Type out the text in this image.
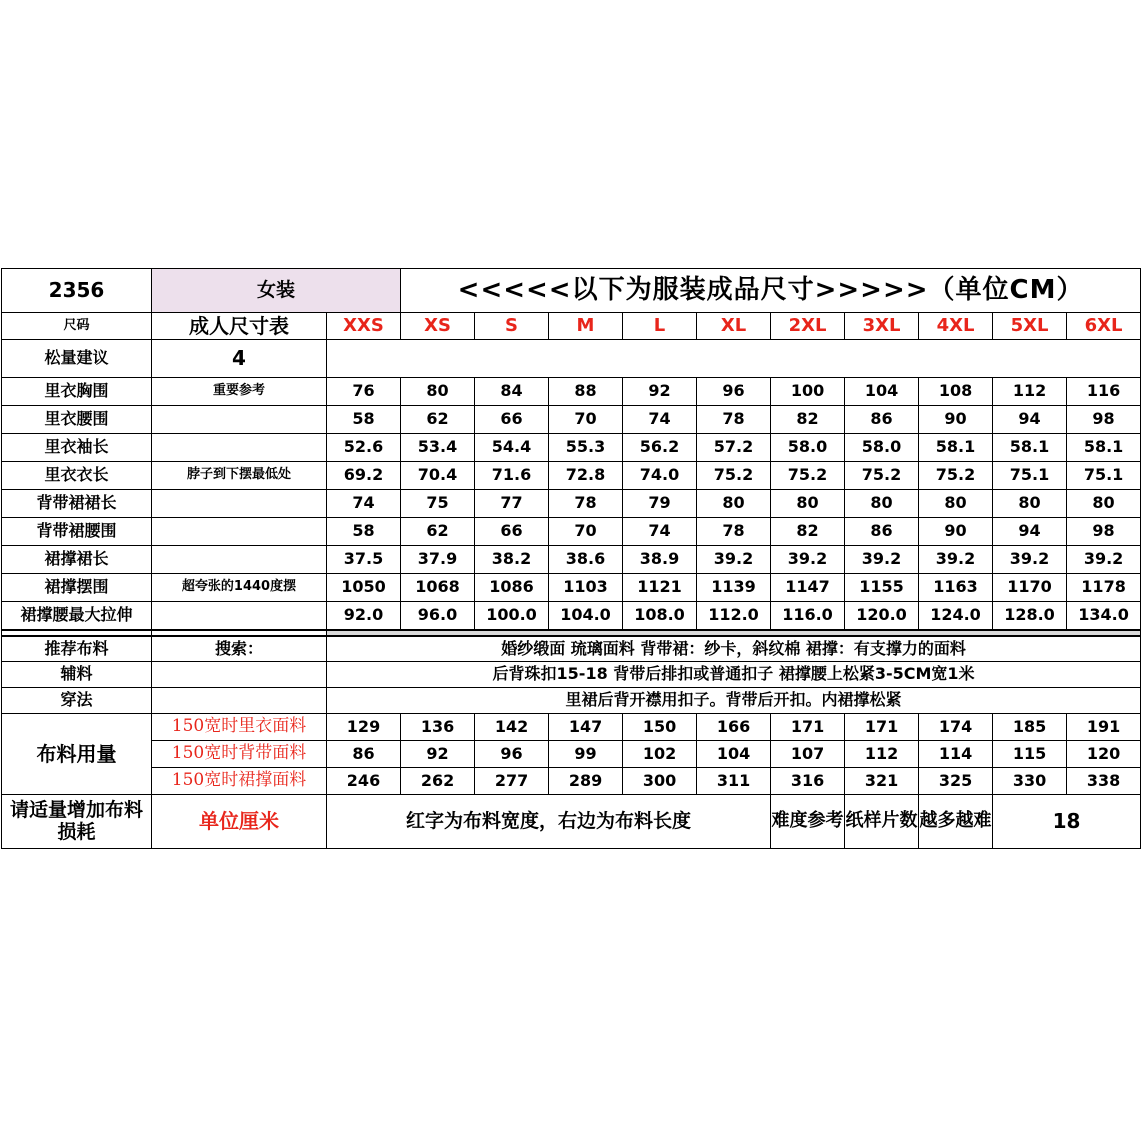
2356	女装		<<<<<以下为服装成品尺寸>>>>>（单位CM）									
尺码	成人尺寸表	XXS	XS	S	M	L	XL	2XL	3XL	4XL	5XL	6XL
松量建议	4											
里衣胸围	重要参考	76	80	84	88	92	96	100	104	108	112	116
里衣腰围		58	62	66	70	74	78	82	86	90	94	98
里衣袖长		52.6	53.4	54.4	55.3	56.2	57.2	58.0	58.0	58.1	58.1	58.1
里衣衣长	脖子到下摆最低处	69.2	70.4	71.6	72.8	74.0	75.2	75.2	75.2	75.2	75.1	75.1
背带裙裙长		74	75	77	78	79	80	80	80	80	80	80
背带裙腰围		58	62	66	70	74	78	82	86	90	94	98
裙撑裙长		37.5	37.9	38.2	38.6	38.9	39.2	39.2	39.2	39.2	39.2	39.2
裙撑摆围	超夸张的1440度摆	1050	1068	1086	1103	1121	1139	1147	1155	1163	1170	1178
裙撑腰最大拉伸		92.0	96.0	100.0	104.0	108.0	112.0	116.0	120.0	124.0	128.0	134.0

推荐布料	搜索：	婚纱缎面 琉璃面料 背带裙：纱卡，斜纹棉 裙撑：有支撑力的面料										
辅料		后背珠扣15-18 背带后排扣或普通扣子 裙撑腰上松紧3-5CM宽1米										
穿法		里裙后背开襟用扣子。背带后开扣。内裙撑松紧										
布料用量	150宽时里衣面料	129	136	142	147	150	166	171	171	174	185	191
	150宽时背带面料	86	92	96	99	102	104	107	112	114	115	120
	150宽时裙撑面料	246	262	277	289	300	311	316	321	325	330	338
请适量增加布料损耗	单位厘米	红字为布料宽度，右边为布料长度						难度参考	纸样片数	越多越难	18	
